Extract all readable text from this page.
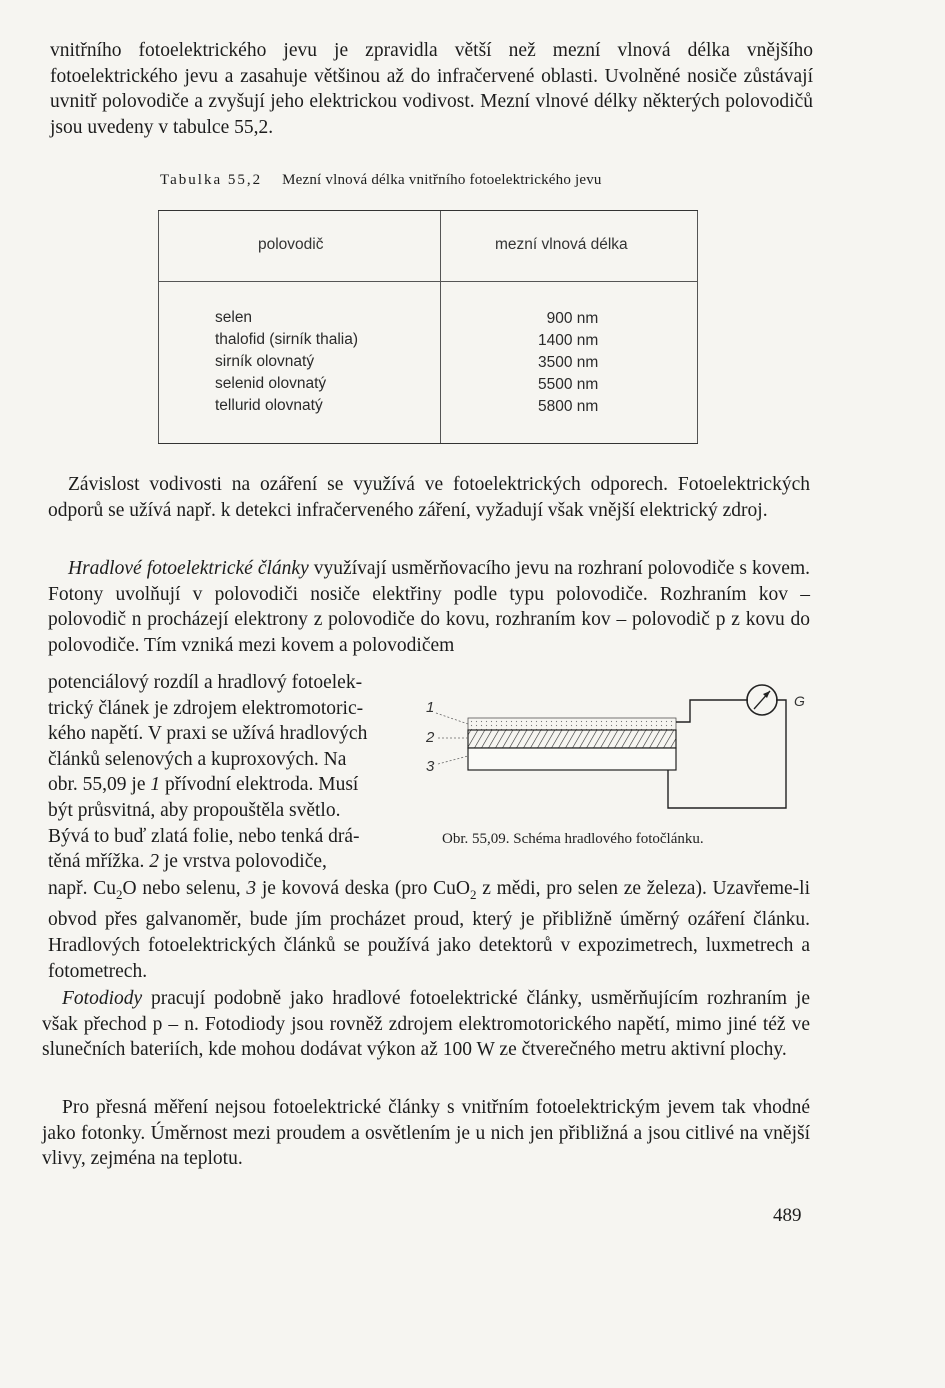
vnitřního fotoelektrického jevu je zpravidla větší než mezní vlnová délka vnějšího fotoelektrického jevu a zasahuje většinou až do infračervené oblasti. Uvolněné nosiče zůstávají uvnitř polovodiče a zvyšují jeho elektrickou vodivost. Mezní vlnové délky některých polovodičů jsou uvedeny v tabulce 55,2.

Tabulka 55,2 Mezní vlnová délka vnitřního fotoelektrického jevu
polovodič	mezní vlnová délka
selen
thalofid (sirník thalia)
sirník olovnatý
selenid olovnatý
tellurid olovnatý
900 nm
1400 nm
3500 nm
5500 nm
5800 nm

Závislost vodivosti na ozáření se využívá ve fotoelektrických odporech. Fotoelektrických odporů se užívá např. k detekci infračerveného záření, vyžadují však vnější elektrický zdroj.

Hradlové fotoelektrické články využívají usměrňovacího jevu na rozhraní polovodiče s kovem. Fotony uvolňují v polovodiči nosiče elektřiny podle typu polovodiče. Rozhraním kov – polovodič n procházejí elektrony z polovodiče do kovu, rozhraním kov – polovodič p z kovu do polovodiče. Tím vzniká mezi kovem a polovodičem

potenciálový rozdíl a hradlový fotoelek-
trický článek je zdrojem elektromotoric-
kého napětí. V praxi se užívá hradlových
článků selenových a kuproxových. Na
obr. 55,09 je 1 přívodní elektroda. Musí
být průsvitná, aby propouštěla světlo.
Bývá to buď zlatá folie, nebo tenká drá-
těná mřížka. 2 je vrstva polovodiče,
1
2
3
G
Obr. 55,09. Schéma hradlového fotočlánku.

např. $Cu_2O$ nebo selenu, 3 je kovová deska (pro CuO$_2$ z mědi, pro selen ze železa). Uzavřeme-li obvod přes galvanoměr, bude jím procházet proud, který je přibližně úměrný ozáření článku. Hradlových fotoelektrických článků se používá jako detektorů v expozimetrech, luxmetrech a fotometrech.

Fotodiody pracují podobně jako hradlové fotoelektrické články, usměrňujícím rozhraním je však přechod p – n. Fotodiody jsou rovněž zdrojem elektromotorického napětí, mimo jiné též ve slunečních bateriích, kde mohou dodávat výkon až 100 W ze čtverečného metru aktivní plochy.

Pro přesná měření nejsou fotoelektrické články s vnitřním fotoelektrickým jevem tak vhodné jako fotonky. Úměrnost mezi proudem a osvětlením je u nich jen přibližná a jsou citlivé na vnější vlivy, zejména na teplotu.

489
